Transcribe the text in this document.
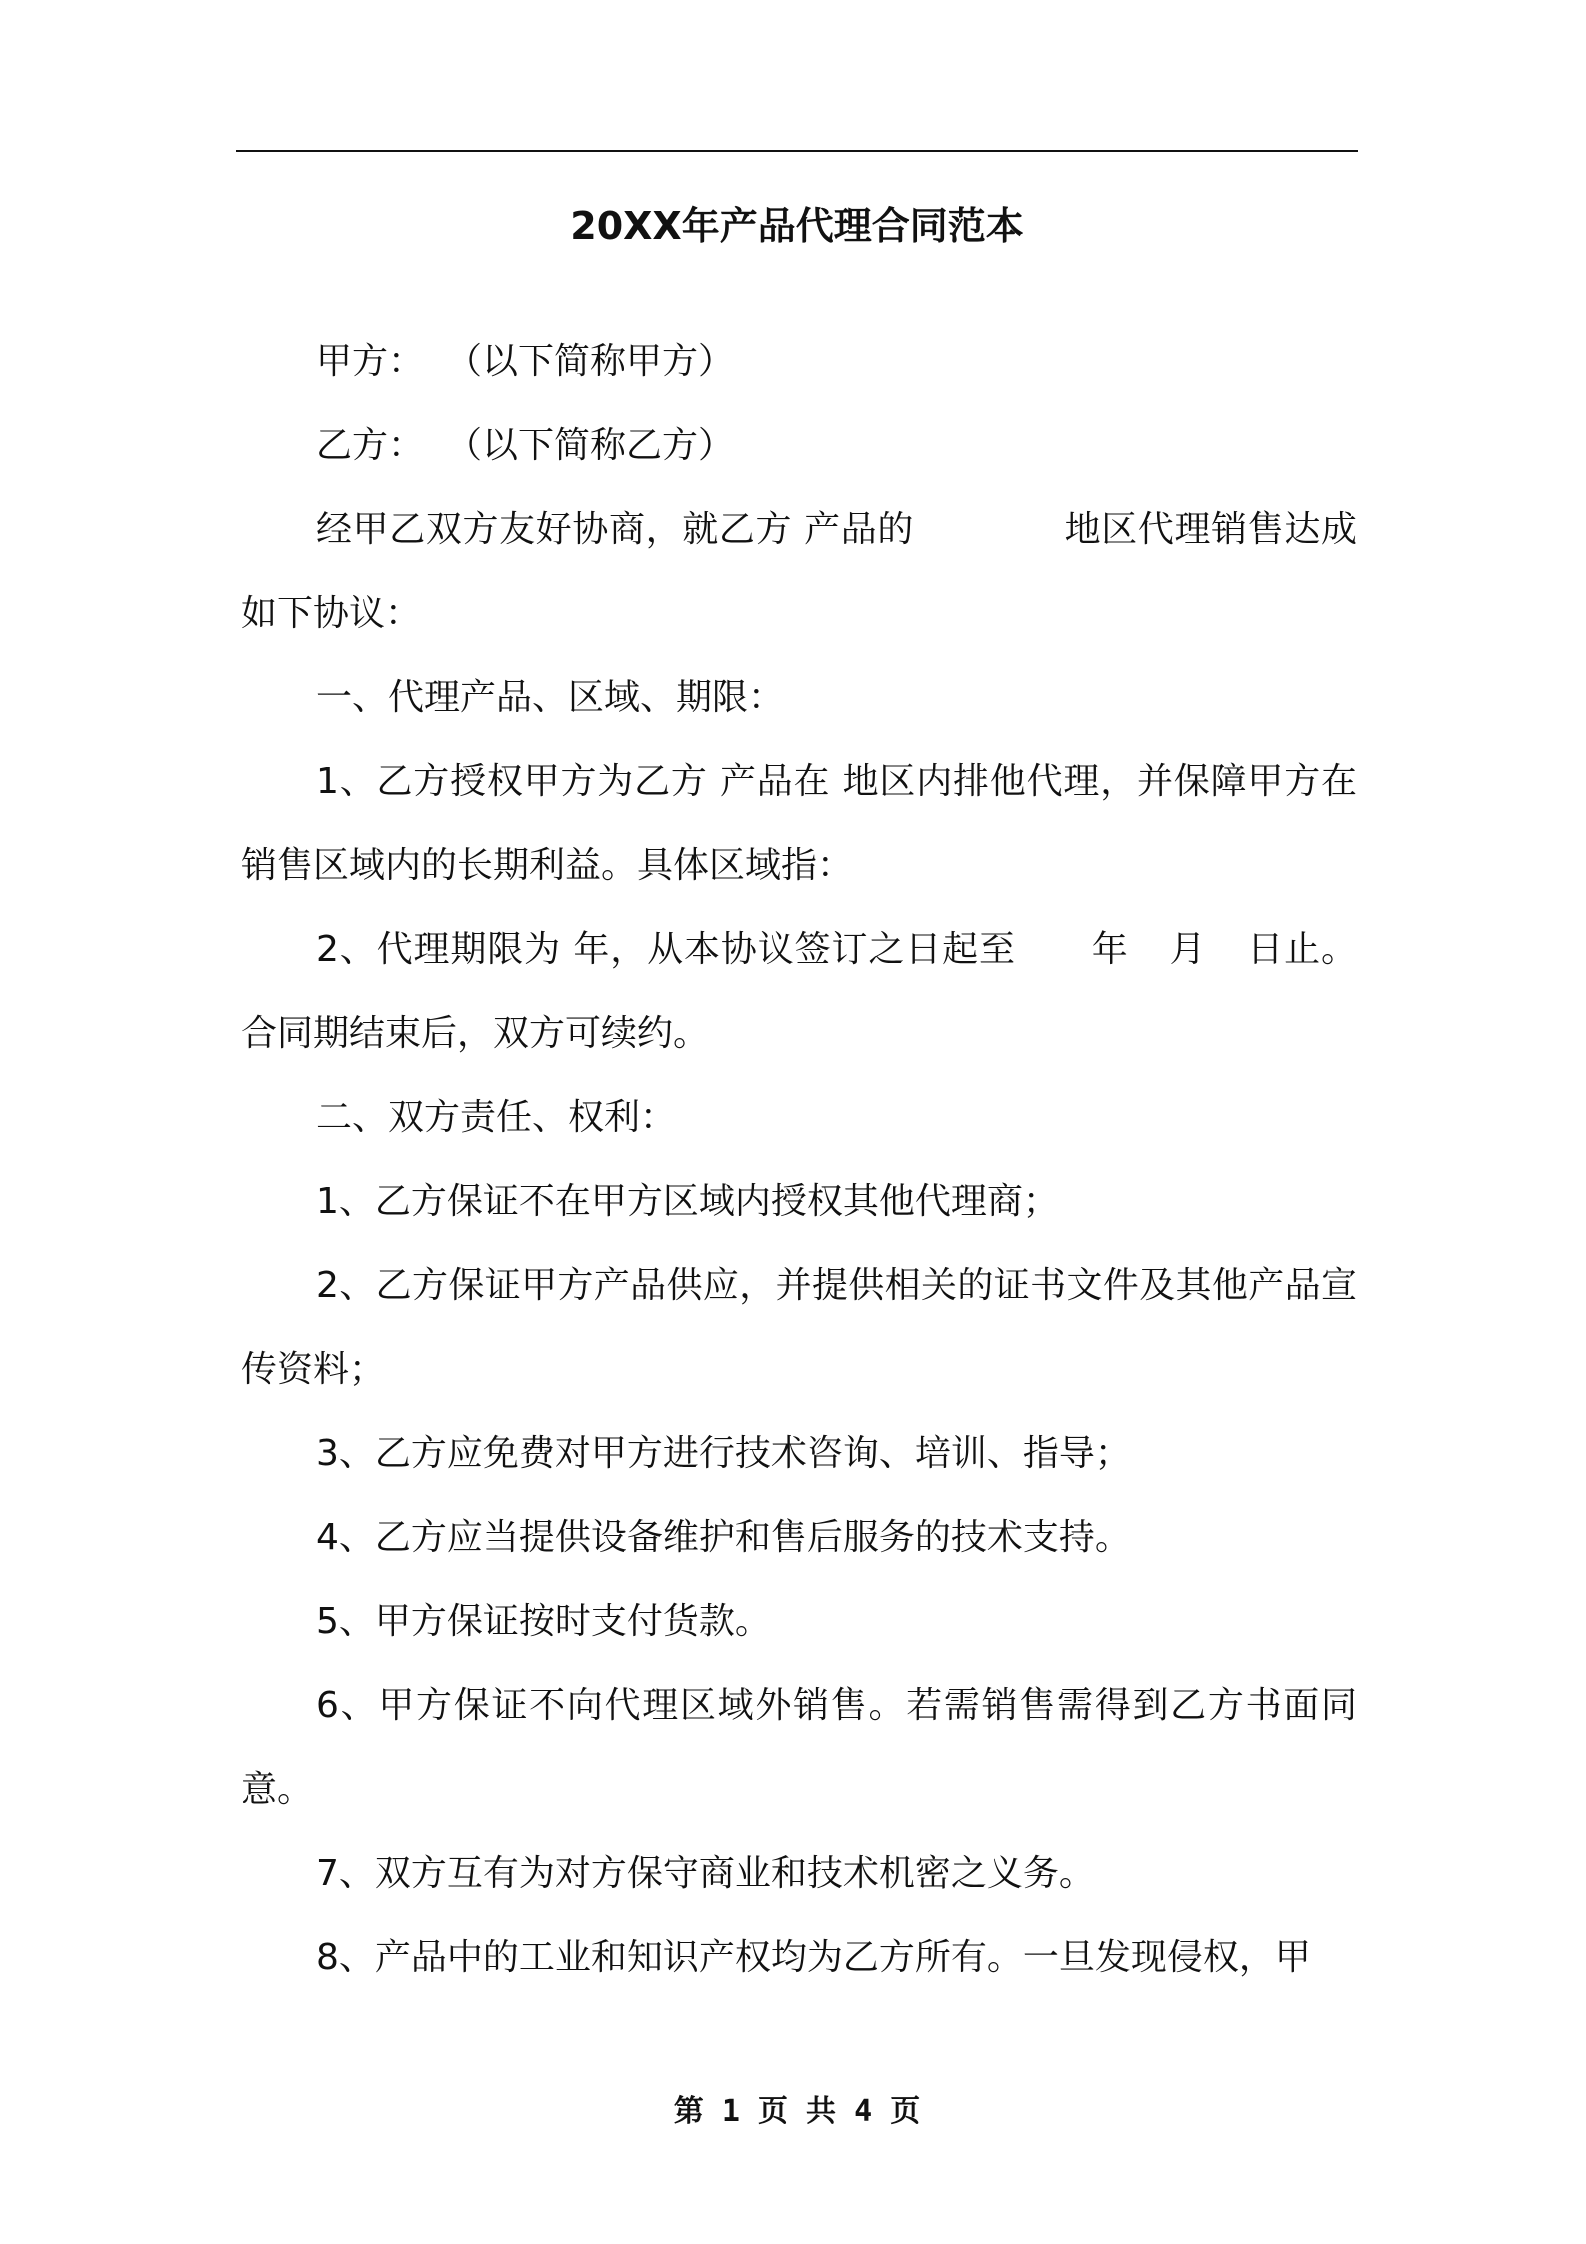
20XX年产品代理合同范本

甲方： （以下简称甲方）

乙方： （以下简称乙方）

经甲乙双方友好协商，就乙方 产品的	地区代理销售达成如下协议：

一、代理产品、区域、期限：

1、乙方授权甲方为乙方 产品在 地区内排他代理，并保障甲方在销售区域内的长期利益。具体区域指：

2、代理期限为 年，从本协议签订之日起至 年 月 日止。合同期结束后，双方可续约。

二、双方责任、权利：

1、乙方保证不在甲方区域内授权其他代理商；

2、乙方保证甲方产品供应，并提供相关的证书文件及其他产品宣传资料；

3、乙方应免费对甲方进行技术咨询、培训、指导；

4、乙方应当提供设备维护和售后服务的技术支持。

5、甲方保证按时支付货款。

6、甲方保证不向代理区域外销售。若需销售需得到乙方书面同意。

7、双方互有为对方保守商业和技术机密之义务。

8、产品中的工业和知识产权均为乙方所有。一旦发现侵权，甲

第 1 页 共 4 页
